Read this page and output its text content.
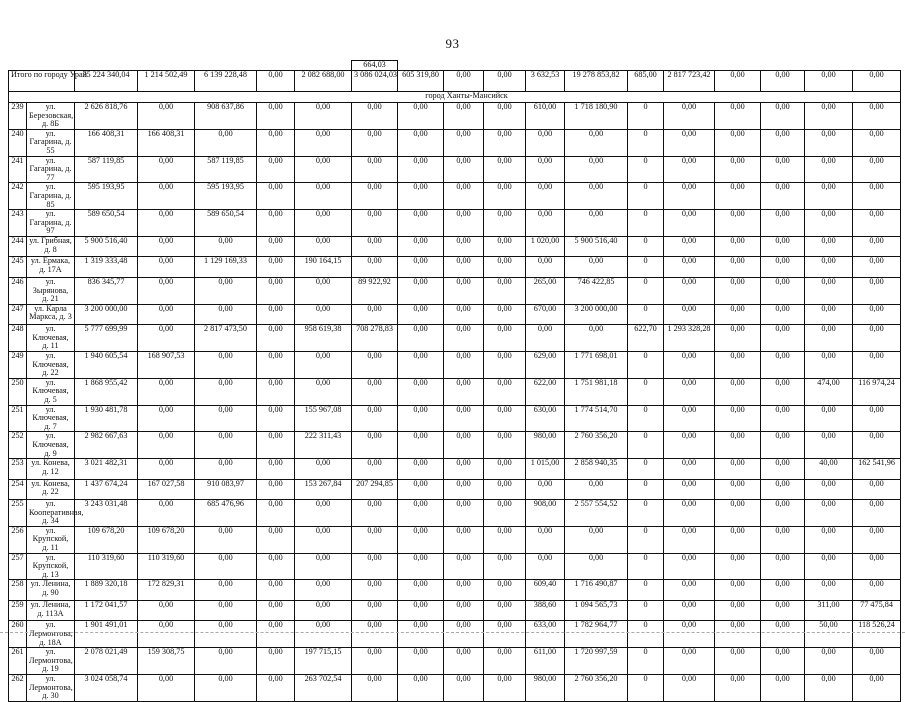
93
							664,03											
Итого по городу Урай		35 224 340,04	1 214 502,49	6 139 228,48	0,00	2 082 688,00	3 086 024,03	605 319,80	0,00	0,00	3 632,53	19 278 853,82	685,00	2 817 723,42	0,00	0,00	0,00	0,00
город Ханты-Мансийск																		
239	ул. Березовская, д. 8Б	2 626 818,76	0,00	908 637,86	0,00	0,00	0,00	0,00	0,00	0,00	610,00	1 718 180,90	0	0,00	0,00	0,00	0,00	0,00
240	ул. Гагарина, д. 55	166 408,31	166 408,31	0,00	0,00	0,00	0,00	0,00	0,00	0,00	0,00	0,00	0	0,00	0,00	0,00	0,00	0,00
241	ул. Гагарина, д. 77	587 119,85	0,00	587 119,85	0,00	0,00	0,00	0,00	0,00	0,00	0,00	0,00	0	0,00	0,00	0,00	0,00	0,00
242	ул. Гагарина, д. 85	595 193,95	0,00	595 193,95	0,00	0,00	0,00	0,00	0,00	0,00	0,00	0,00	0	0,00	0,00	0,00	0,00	0,00
243	ул. Гагарина, д. 97	589 650,54	0,00	589 650,54	0,00	0,00	0,00	0,00	0,00	0,00	0,00	0,00	0	0,00	0,00	0,00	0,00	0,00
244	ул. Грибная, д. 8	5 900 516,40	0,00	0,00	0,00	0,00	0,00	0,00	0,00	0,00	1 020,00	5 900 516,40	0	0,00	0,00	0,00	0,00	0,00
245	ул. Ермака, д. 17А	1 319 333,48	0,00	1 129 169,33	0,00	190 164,15	0,00	0,00	0,00	0,00	0,00	0,00	0	0,00	0,00	0,00	0,00	0,00
246	ул. Зырянова, д. 21	836 345,77	0,00	0,00	0,00	0,00	89 922,92	0,00	0,00	0,00	265,00	746 422,85	0	0,00	0,00	0,00	0,00	0,00
247	ул. Карла Маркса, д. 3	3 200 000,00	0,00	0,00	0,00	0,00	0,00	0,00	0,00	0,00	670,00	3 200 000,00	0	0,00	0,00	0,00	0,00	0,00
248	ул. Ключевая, д. 11	5 777 699,99	0,00	2 817 473,50	0,00	958 619,38	708 278,83	0,00	0,00	0,00	0,00	0,00	622,70	1 293 328,28	0,00	0,00	0,00	0,00
249	ул. Ключевая, д. 22	1 940 605,54	168 907,53	0,00	0,00	0,00	0,00	0,00	0,00	0,00	629,00	1 771 698,01	0	0,00	0,00	0,00	0,00	0,00
250	ул. Ключевая, д. 5	1 868 955,42	0,00	0,00	0,00	0,00	0,00	0,00	0,00	0,00	622,00	1 751 981,18	0	0,00	0,00	0,00	474,00	116 974,24
251	ул. Ключевая, д. 7	1 930 481,78	0,00	0,00	0,00	155 967,08	0,00	0,00	0,00	0,00	630,00	1 774 514,70	0	0,00	0,00	0,00	0,00	0,00
252	ул. Ключевая, д. 9	2 982 667,63	0,00	0,00	0,00	222 311,43	0,00	0,00	0,00	0,00	980,00	2 760 356,20	0	0,00	0,00	0,00	0,00	0,00
253	ул. Конева, д. 12	3 021 482,31	0,00	0,00	0,00	0,00	0,00	0,00	0,00	0,00	1 015,00	2 858 940,35	0	0,00	0,00	0,00	40,00	162 541,96
254	ул. Конева, д. 22	1 437 674,24	167 027,58	910 083,97	0,00	153 267,84	207 294,85	0,00	0,00	0,00	0,00	0,00	0	0,00	0,00	0,00	0,00	0,00
255	ул. Кооперативная, д. 34	3 243 031,48	0,00	685 476,96	0,00	0,00	0,00	0,00	0,00	0,00	908,00	2 557 554,52	0	0,00	0,00	0,00	0,00	0,00
256	ул. Крупской, д. 11	109 678,20	109 678,20	0,00	0,00	0,00	0,00	0,00	0,00	0,00	0,00	0,00	0	0,00	0,00	0,00	0,00	0,00
257	ул. Крупской, д. 13	110 319,60	110 319,60	0,00	0,00	0,00	0,00	0,00	0,00	0,00	0,00	0,00	0	0,00	0,00	0,00	0,00	0,00
258	ул. Ленина, д. 90	1 889 320,18	172 829,31	0,00	0,00	0,00	0,00	0,00	0,00	0,00	609,40	1 716 490,87	0	0,00	0,00	0,00	0,00	0,00
259	ул. Ленина, д. 113А	1 172 041,57	0,00	0,00	0,00	0,00	0,00	0,00	0,00	0,00	388,60	1 094 565,73	0	0,00	0,00	0,00	311,00	77 475,84
260	ул. Лермонтова, д. 18А	1 901 491,01	0,00	0,00	0,00	0,00	0,00	0,00	0,00	0,00	633,00	1 782 964,77	0	0,00	0,00	0,00	50,00	118 526,24
261	ул. Лермонтова, д. 19	2 078 021,49	159 308,75	0,00	0,00	197 715,15	0,00	0,00	0,00	0,00	611,00	1 720 997,59	0	0,00	0,00	0,00	0,00	0,00
262	ул. Лермонтова, д. 30	3 024 058,74	0,00	0,00	0,00	263 702,54	0,00	0,00	0,00	0,00	980,00	2 760 356,20	0	0,00	0,00	0,00	0,00	0,00
